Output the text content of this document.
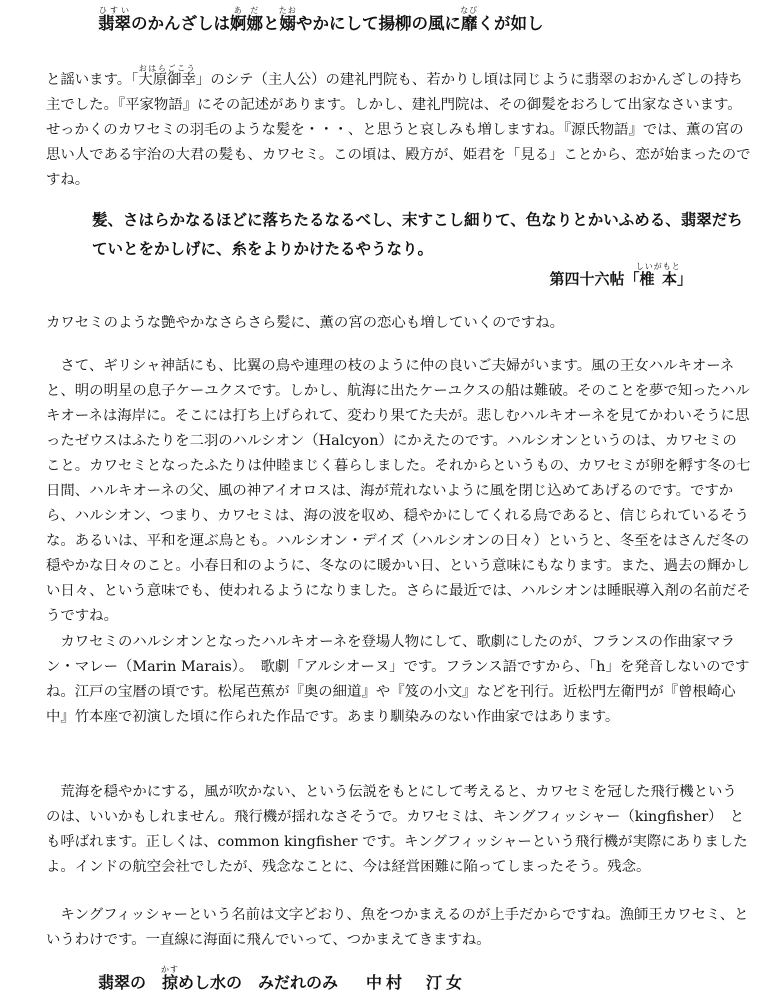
翡翠ひすいのかんざしは婀娜あだと嫋たおやかにして揚柳の風に靡なびくが如し

と謡います。「大原御幸おはらごこう」のシテ（主人公）の建礼門院も、若かりし頃は同じように翡翠のおかんざしの持ち主でした。『平家物語』にその記述があります。しかし、建礼門院は、その御髪をおろして出家なさいます。せっかくのカワセミの羽毛のような髪を・・・、と思うと哀しみも増しますね。『源氏物語』では、薫の宮の思い人である宇治の大君の髪も、カワセミ。この頃は、殿方が、姫君を「見る」ことから、恋が始まったのですね。

髪、さはらかなるほどに落ちたるなるべし、末すこし細りて、色なりとかいふめる、翡翠だちていとをかしげに、糸をよりかけたるやうなり。

第四十六帖「椎本しいがもと」

カワセミのような艶やかなさらさら髪に、薫の宮の恋心も増していくのですね。

　さて、ギリシャ神話にも、比翼の鳥や連理の枝のように仲の良いご夫婦がいます。風の王女ハルキオーネと、明の明星の息子ケーユクスです。しかし、航海に出たケーユクスの船は難破。そのことを夢で知ったハルキオーネは海岸に。そこには打ち上げられて、変わり果てた夫が。悲しむハルキオーネを見てかわいそうに思ったゼウスはふたりを二羽のハルシオン（Halcyon）にかえたのです。ハルシオンというのは、カワセミのこと。カワセミとなったふたりは仲睦まじく暮らしました。それからというもの、カワセミが卵を孵す冬の七日間、ハルキオーネの父、風の神アイオロスは、海が荒れないように風を閉じ込めてあげるのです。ですから、ハルシオン、つまり、カワセミは、海の波を収め、穏やかにしてくれる鳥であると、信じられているそうな。あるいは、平和を運ぶ鳥とも。ハルシオン・デイズ（ハルシオンの日々）というと、冬至をはさんだ冬の穏やかな日々のこと。小春日和のように、冬なのに暖かい日、という意味にもなります。また、過去の輝かしい日々、という意味でも、使われるようになりました。さらに最近では、ハルシオンは睡眠導入剤の名前だそうですね。

　カワセミのハルシオンとなったハルキオーネを登場人物にして、歌劇にしたのが、フランスの作曲家マラン・マレー（Marin Marais）。　歌劇「アルシオーヌ」です。フランス語ですから、「h」を発音しないのですね。江戸の宝暦の頃です。松尾芭蕉が『奥の細道』や『笈の小文』などを刊行。近松門左衛門が『曾根崎心中』竹本座で初演した頃に作られた作品です。あまり馴染みのない作曲家ではあります。

　荒海を穏やかにする，風が吹かない、という伝説をもとにして考えると、カワセミを冠した飛行機というのは、いいかもしれません。飛行機が揺れなさそうで。カワセミは、キングフィッシャー（kingfisher）　とも呼ばれます。正しくは、common kingfisher です。キングフィッシャーという飛行機が実際にありましたよ。インドの航空会社でしたが、残念なことに、今は経営困難に陥ってしまったそう。残念。

　キングフィッシャーという名前は文字どおり、魚をつかまえるのが上手だからですね。漁師王カワセミ、というわけです。一直線に海面に飛んでいって、つかまえてきますね。

翡翠の　掠かすめし水の　みだれのみ 中村　汀女
